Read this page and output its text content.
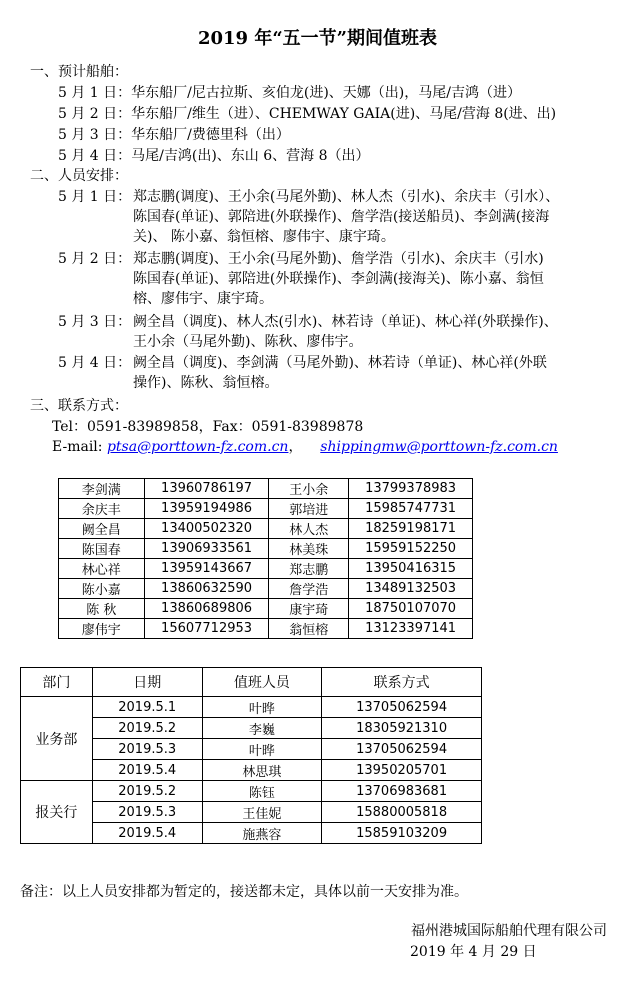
2019 年“五一节”期间值班表
一、预计船舶：
5 月 1 日：华东船厂/尼古拉斯、亥伯龙(进)、天娜（出)，马尾/吉鸿（进）
5 月 2 日：华东船厂/维生（进）、CHEMWAY GAIA(进)、马尾/营海 8(进、出)
5 月 3 日：华东船厂/费德里科（出）
5 月 4 日：马尾/吉鸿(出)、东山 6、营海 8（出）
二、人员安排：
5 月 1 日： 郑志鹏(调度)、王小余(马尾外勤)、林人杰（引水)、余庆丰（引水）、
陈国春(单证)、郭陪进(外联操作)、詹学浩(接送船员)、李剑满(接海
关)、 陈小嘉、翁恒榕、廖伟宇、康宇琦。
5 月 2 日： 郑志鹏(调度)、王小余(马尾外勤)、詹学浩（引水)、余庆丰（引水)
陈国春(单证)、郭陪进(外联操作)、李剑满(接海关)、陈小嘉、翁恒
榕、廖伟宇、康宇琦。
5 月 3 日： 阙全昌（调度)、林人杰(引水)、林若诗（单证)、林心祥(外联操作)、
王小余（马尾外勤)、陈秋、廖伟宇。
5 月 4 日： 阙全昌（调度)、李剑满（马尾外勤)、林若诗（单证)、林心祥(外联
操作)、陈秋、翁恒榕。
三、联系方式：
Tel：0591-83989858，Fax：0591-83989878
E-mail: ptsa@porttown-fz.com.cn， shippingmw@porttown-fz.com.cn
李剑满	13960786197	王小余	13799378983
余庆丰	13959194986	郭培进	15985747731
阙全昌	13400502320	林人杰	18259198171
陈国春	13906933561	林美珠	15959152250
林心祥	13959143667	郑志鹏	13950416315
陈小嘉	13860632590	詹学浩	13489132503
陈 秋	13860689806	康宇琦	18750107070
廖伟宇	15607712953	翁恒榕	13123397141
部门	日期	值班人员	联系方式
业务部	2019.5.1	叶晔	13705062594
	2019.5.2	李巍	18305921310
	2019.5.3	叶晔	13705062594
	2019.5.4	林思琪	13950205701
报关行	2019.5.2	陈钰	13706983681
	2019.5.3	王佳妮	15880005818
	2019.5.4	施燕容	15859103209
备注：以上人员安排都为暂定的，接送都未定，具体以前一天安排为准。
福州港城国际船舶代理有限公司
2019 年 4 月 29 日
